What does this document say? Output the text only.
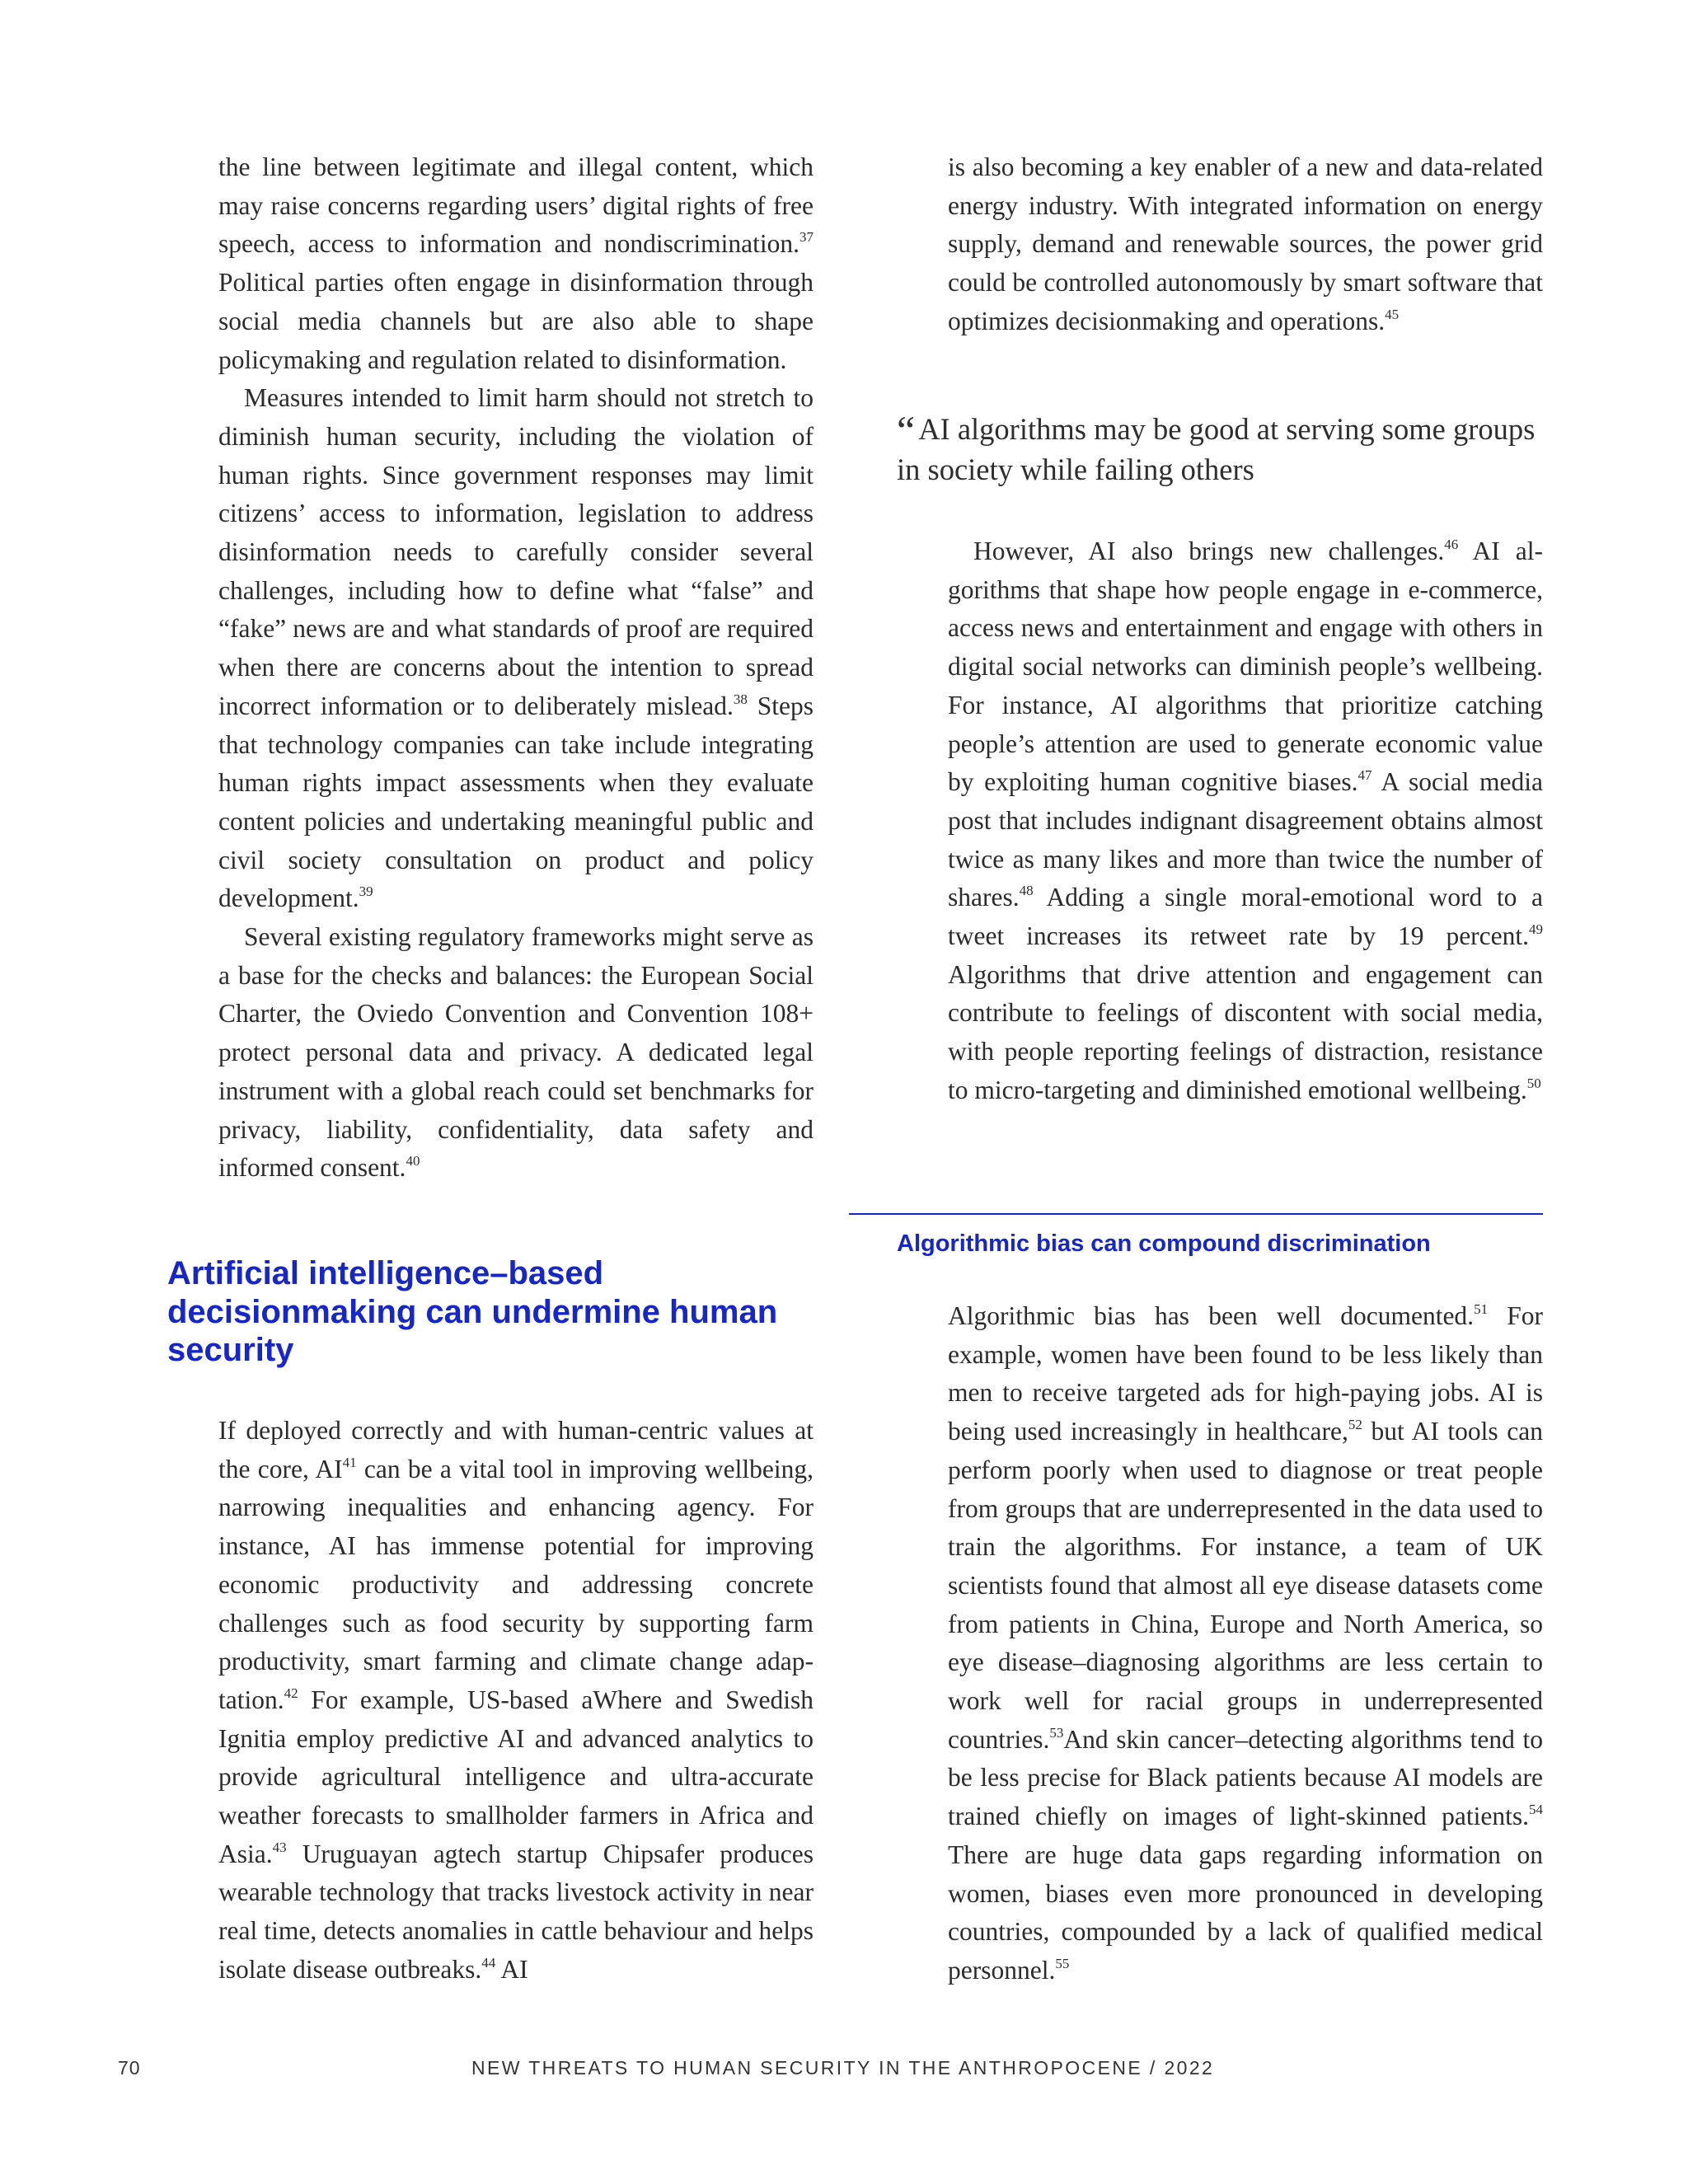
the line between legitimate and illegal content, which may raise concerns regarding users’ digital rights of free speech, access to information and nondiscrimination.$^{37}$ Political parties often engage in disinformation through social media channels but are also able to shape policymaking and regulation related to disinformation.

Measures intended to limit harm should not stretch to diminish human security, including the violation of human rights. Since government responses may limit citizens’ access to information, legislation to address disinformation needs to carefully consider several challenges, including how to define what “false” and “fake” news are and what standards of proof are required when there are concerns about the intention to spread incorrect information or to deliberately mislead.$^{38}$ Steps that technology companies can take include integrating human rights impact assessments when they evaluate content policies and undertaking meaningful public and civil society consultation on product and policy development.$^{39}$

Several existing regulatory frameworks might serve as a base for the checks and balances: the European Social Charter, the Oviedo Convention and Convention 108+ protect personal data and privacy. A dedicated legal instrument with a global reach could set benchmarks for privacy, liability, confidentiality, data safety and informed consent.$^{40}$

Artificial intelligence–based decisionmaking can undermine human security

If deployed correctly and with human-centric values at the core, AI$^{41}$ can be a vital tool in improving wellbeing, narrowing inequalities and enhancing agency. For instance, AI has immense potential for improving economic productivity and addressing concrete challenges such as food security by supporting farm productivity, smart farming and climate change adaptation.$^{42}$ For example, US-based aWhere and Swedish Ignitia employ predictive AI and advanced analytics to provide agricultural intelligence and ultra-accurate weather forecasts to smallholder farmers in Africa and Asia.$^{43}$ Uruguayan agtech startup Chipsafer produces wearable technology that tracks livestock activity in near real time, detects anomalies in cattle behaviour and helps isolate disease outbreaks.$^{44}$ AI

is also becoming a key enabler of a new and data-related energy industry. With integrated information on energy supply, demand and renewable sources, the power grid could be controlled autonomously by smart software that optimizes decisionmaking and operations.$^{45}$

“ AI algorithms may be good at serving some groups in society while failing others

However, AI also brings new challenges.$^{46}$ AI algorithms that shape how people engage in e-commerce, access news and entertainment and engage with others in digital social networks can diminish people’s wellbeing. For instance, AI algorithms that prioritize catching people’s attention are used to generate economic value by exploiting human cognitive biases.$^{47}$ A social media post that includes indignant disagreement obtains almost twice as many likes and more than twice the number of shares.$^{48}$ Adding a single moral-emotional word to a tweet increases its retweet rate by 19 percent.$^{49}$ Algorithms that drive attention and engagement can contribute to feelings of discontent with social media, with people reporting feelings of distraction, resistance to micro-targeting and diminished emotional wellbeing.$^{50}$

Algorithmic bias can compound discrimination

Algorithmic bias has been well documented.$^{51}$ For example, women have been found to be less likely than men to receive targeted ads for high-paying jobs. AI is being used increasingly in healthcare,$^{52}$ but AI tools can perform poorly when used to diagnose or treat people from groups that are underrepresented in the data used to train the algorithms. For instance, a team of UK scientists found that almost all eye disease datasets come from patients in China, Europe and North America, so eye disease–diagnosing algorithms are less certain to work well for racial groups in underrepresented countries.$^{53}$And skin cancer–detecting algorithms tend to be less precise for Black patients because AI models are trained chiefly on images of light-skinned patients.$^{54}$ There are huge data gaps regarding information on women, biases even more pronounced in developing countries, compounded by a lack of qualified medical personnel.$^{55}$

70	NEW THREATS TO HUMAN SECURITY IN THE ANTHROPOCENE / 2022
